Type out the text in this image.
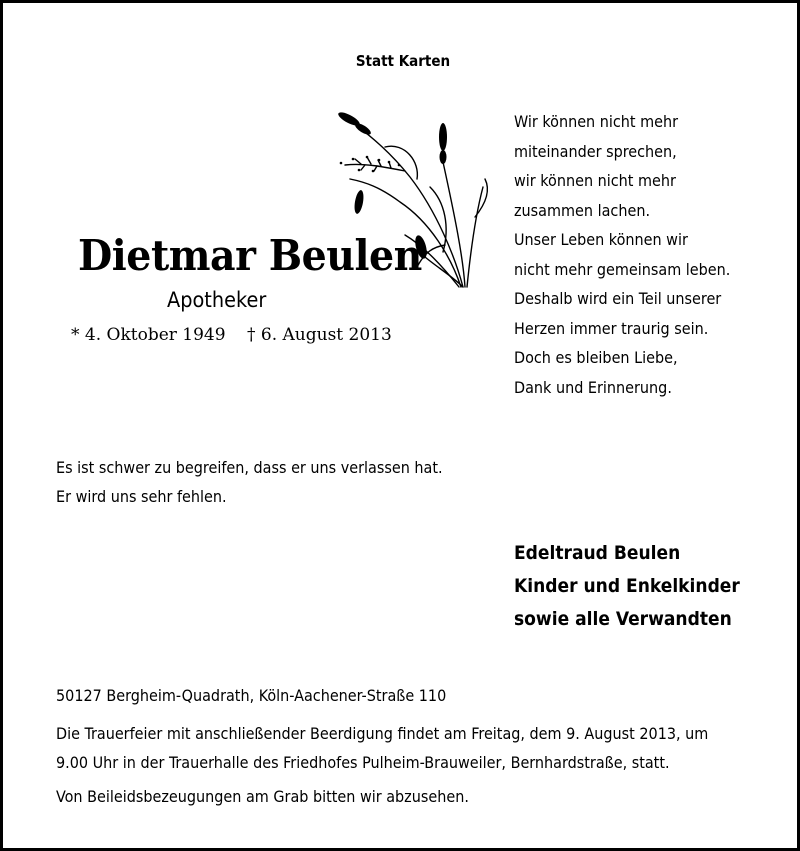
Statt Karten
Dietmar Beulen
Apotheker
* 4. Oktober 1949 † 6. August 2013
Wir können nicht mehr
miteinander sprechen,
wir können nicht mehr
zusammen lachen.
Unser Leben können wir
nicht mehr gemeinsam leben.
Deshalb wird ein Teil unserer
Herzen immer traurig sein.
Doch es bleiben Liebe,
Dank und Erinnerung.
Es ist schwer zu begreifen, dass er uns verlassen hat.
Er wird uns sehr fehlen.
Edeltraud Beulen
Kinder und Enkelkinder
sowie alle Verwandten
50127 Bergheim-Quadrath, Köln-Aachener-Straße 110
Die Trauerfeier mit anschließender Beerdigung findet am Freitag, dem 9. August 2013, um
9.00 Uhr in der Trauerhalle des Friedhofes Pulheim-Brauweiler, Bernhardstraße, statt.
Von Beileidsbezeugungen am Grab bitten wir abzusehen.
